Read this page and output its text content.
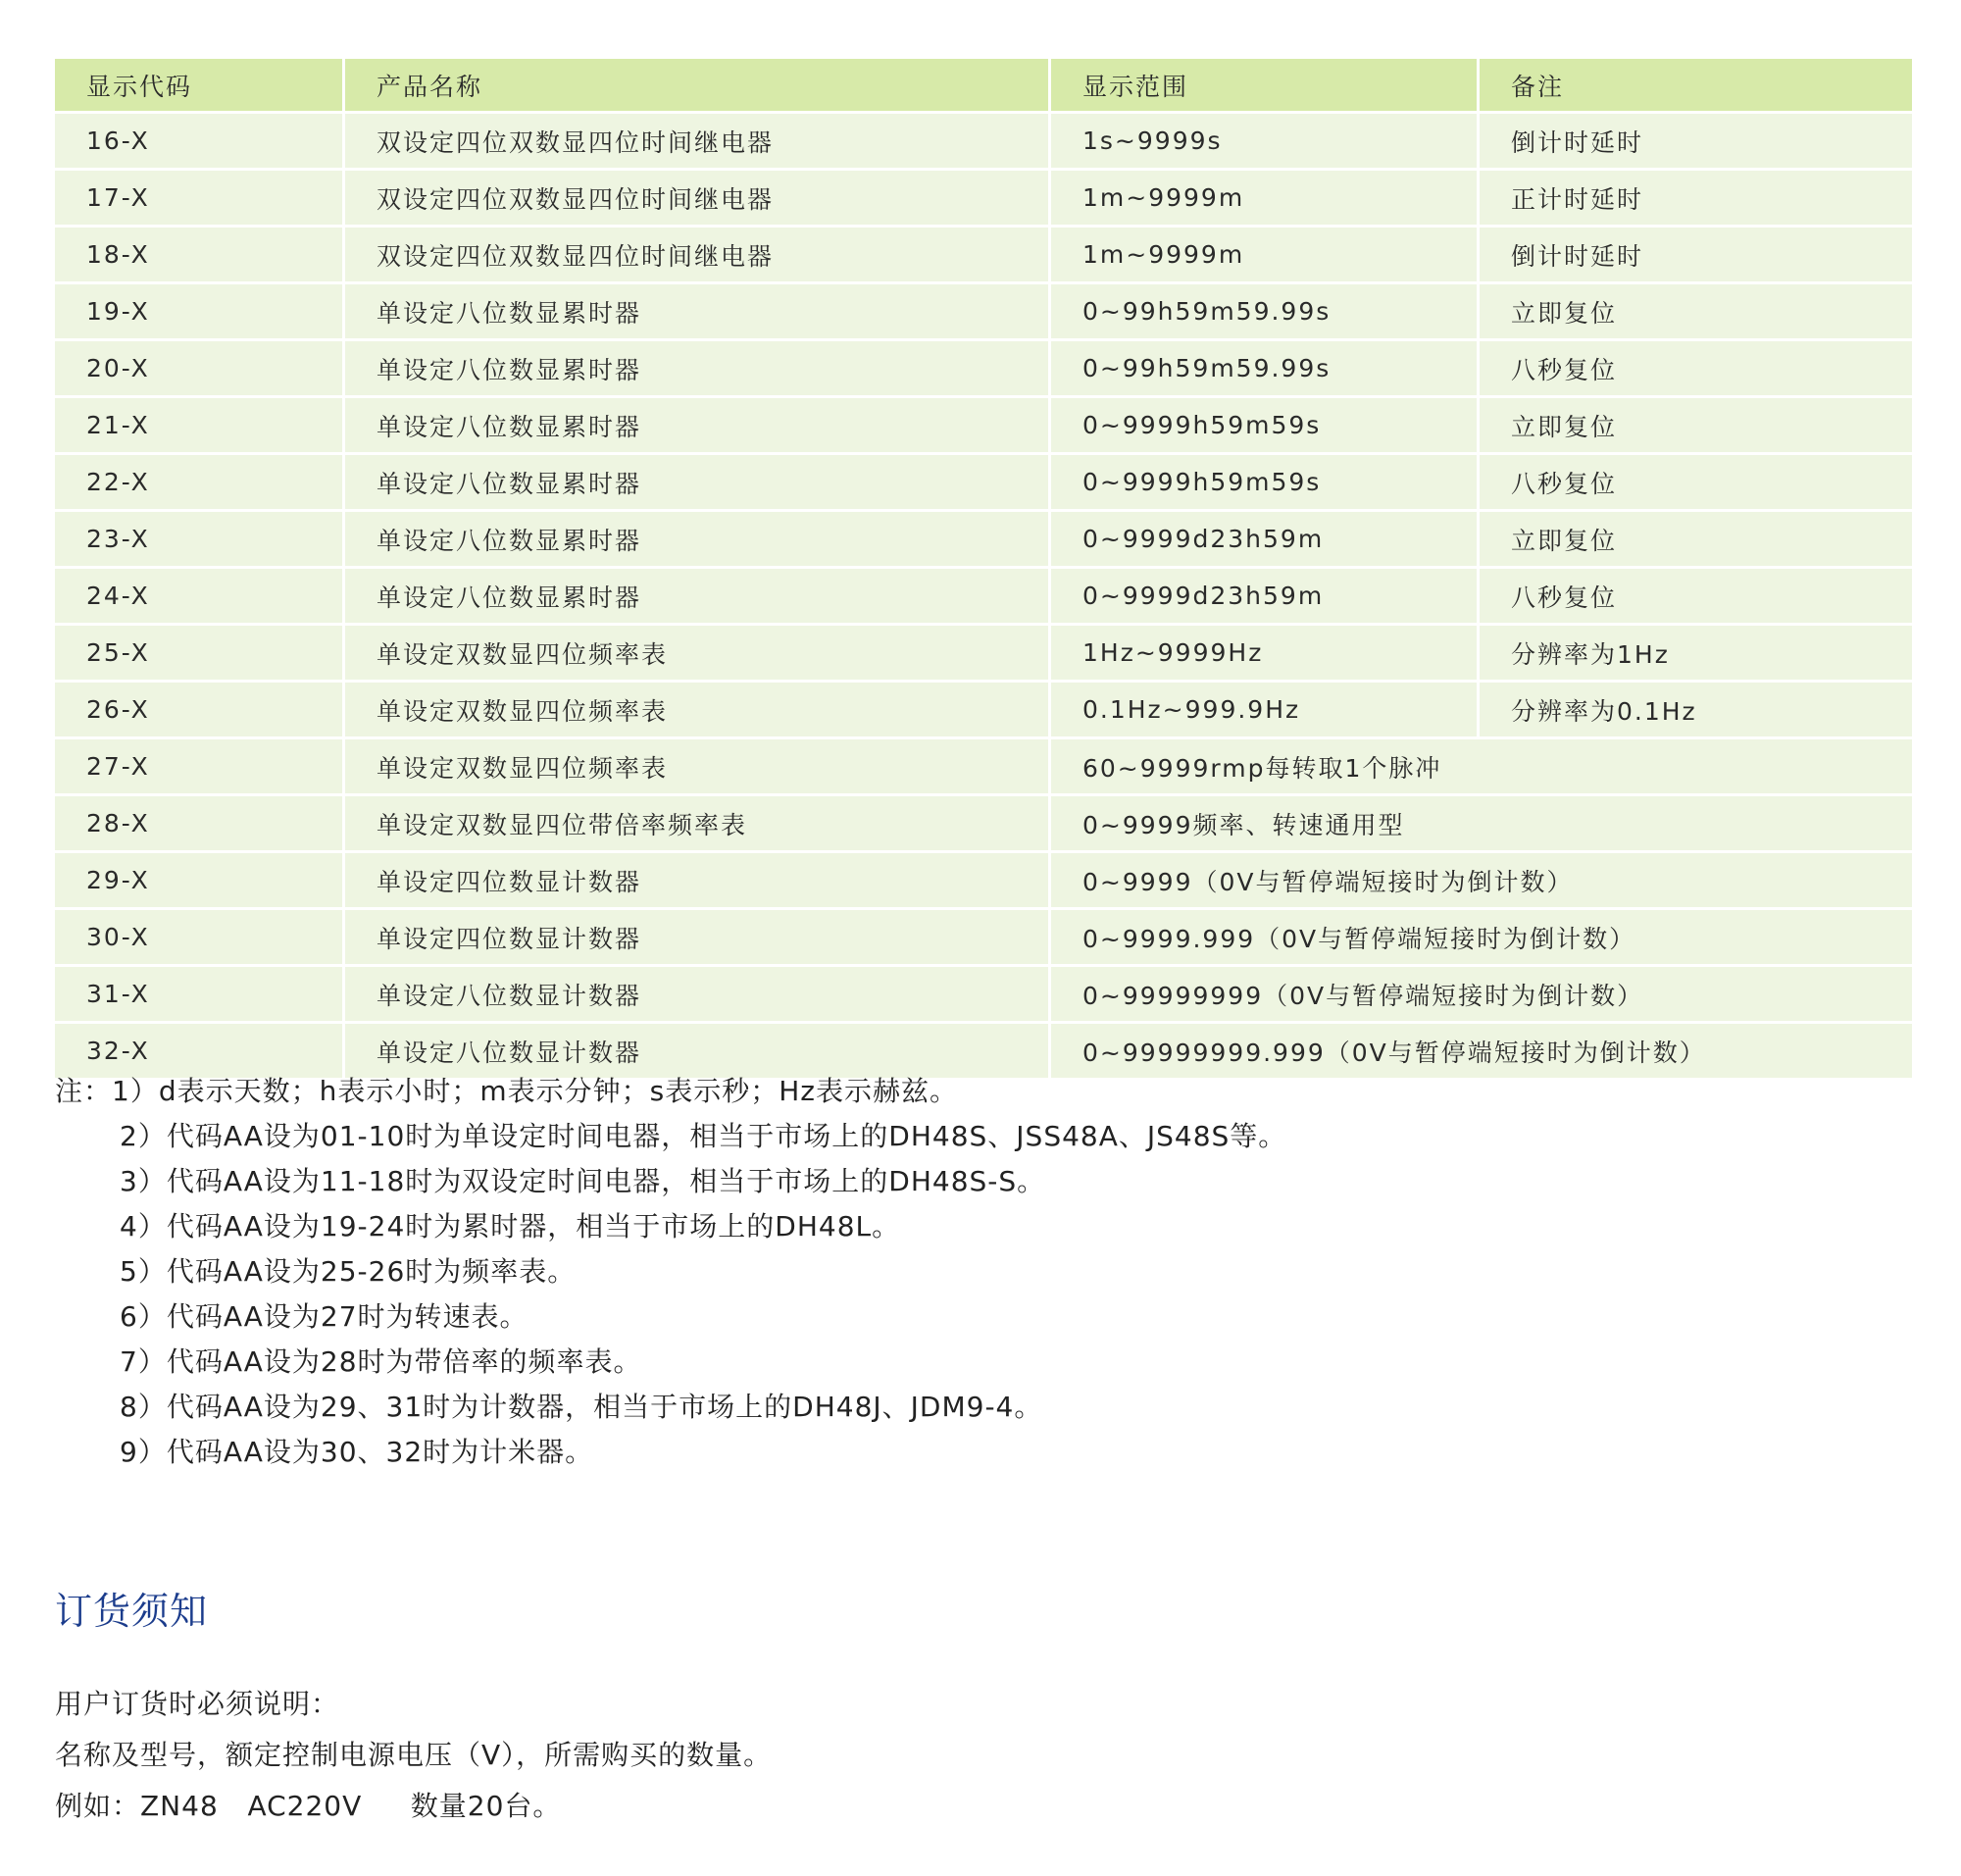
显示代码	产品名称	显示范围	备注
16-X	双设定四位双数显四位时间继电器	1s~9999s	倒计时延时
17-X	双设定四位双数显四位时间继电器	1m~9999m	正计时延时
18-X	双设定四位双数显四位时间继电器	1m~9999m	倒计时延时
19-X	单设定八位数显累时器	0~99h59m59.99s	立即复位
20-X	单设定八位数显累时器	0~99h59m59.99s	八秒复位
21-X	单设定八位数显累时器	0~9999h59m59s	立即复位
22-X	单设定八位数显累时器	0~9999h59m59s	八秒复位
23-X	单设定八位数显累时器	0~9999d23h59m	立即复位
24-X	单设定八位数显累时器	0~9999d23h59m	八秒复位
25-X	单设定双数显四位频率表	1Hz~9999Hz	分辨率为1Hz
26-X	单设定双数显四位频率表	0.1Hz~999.9Hz	分辨率为0.1Hz
27-X	单设定双数显四位频率表	60~9999rmp每转取1个脉冲	
28-X	单设定双数显四位带倍率频率表	0~9999频率、转速通用型	
29-X	单设定四位数显计数器	0~9999（0V与暂停端短接时为倒计数）	
30-X	单设定四位数显计数器	0~9999.999（0V与暂停端短接时为倒计数）	
31-X	单设定八位数显计数器	0~99999999（0V与暂停端短接时为倒计数）	
32-X	单设定八位数显计数器	0~99999999.999（0V与暂停端短接时为倒计数）	
注：1）d表示天数；h表示小时；m表示分钟；s表示秒；Hz表示赫兹。
2）代码AA设为01-10时为单设定时间电器，相当于市场上的DH48S、JSS48A、JS48S等。
3）代码AA设为11-18时为双设定时间电器，相当于市场上的DH48S-S。
4）代码AA设为19-24时为累时器，相当于市场上的DH48L。
5）代码AA设为25-26时为频率表。
6）代码AA设为27时为转速表。
7）代码AA设为28时为带倍率的频率表。
8）代码AA设为29、31时为计数器，相当于市场上的DH48J、JDM9-4。
9）代码AA设为30、32时为计米器。
订货须知
用户订货时必须说明：
名称及型号，额定控制电源电压（V），所需购买的数量。
例如：ZN48   AC220V     数量20台。
